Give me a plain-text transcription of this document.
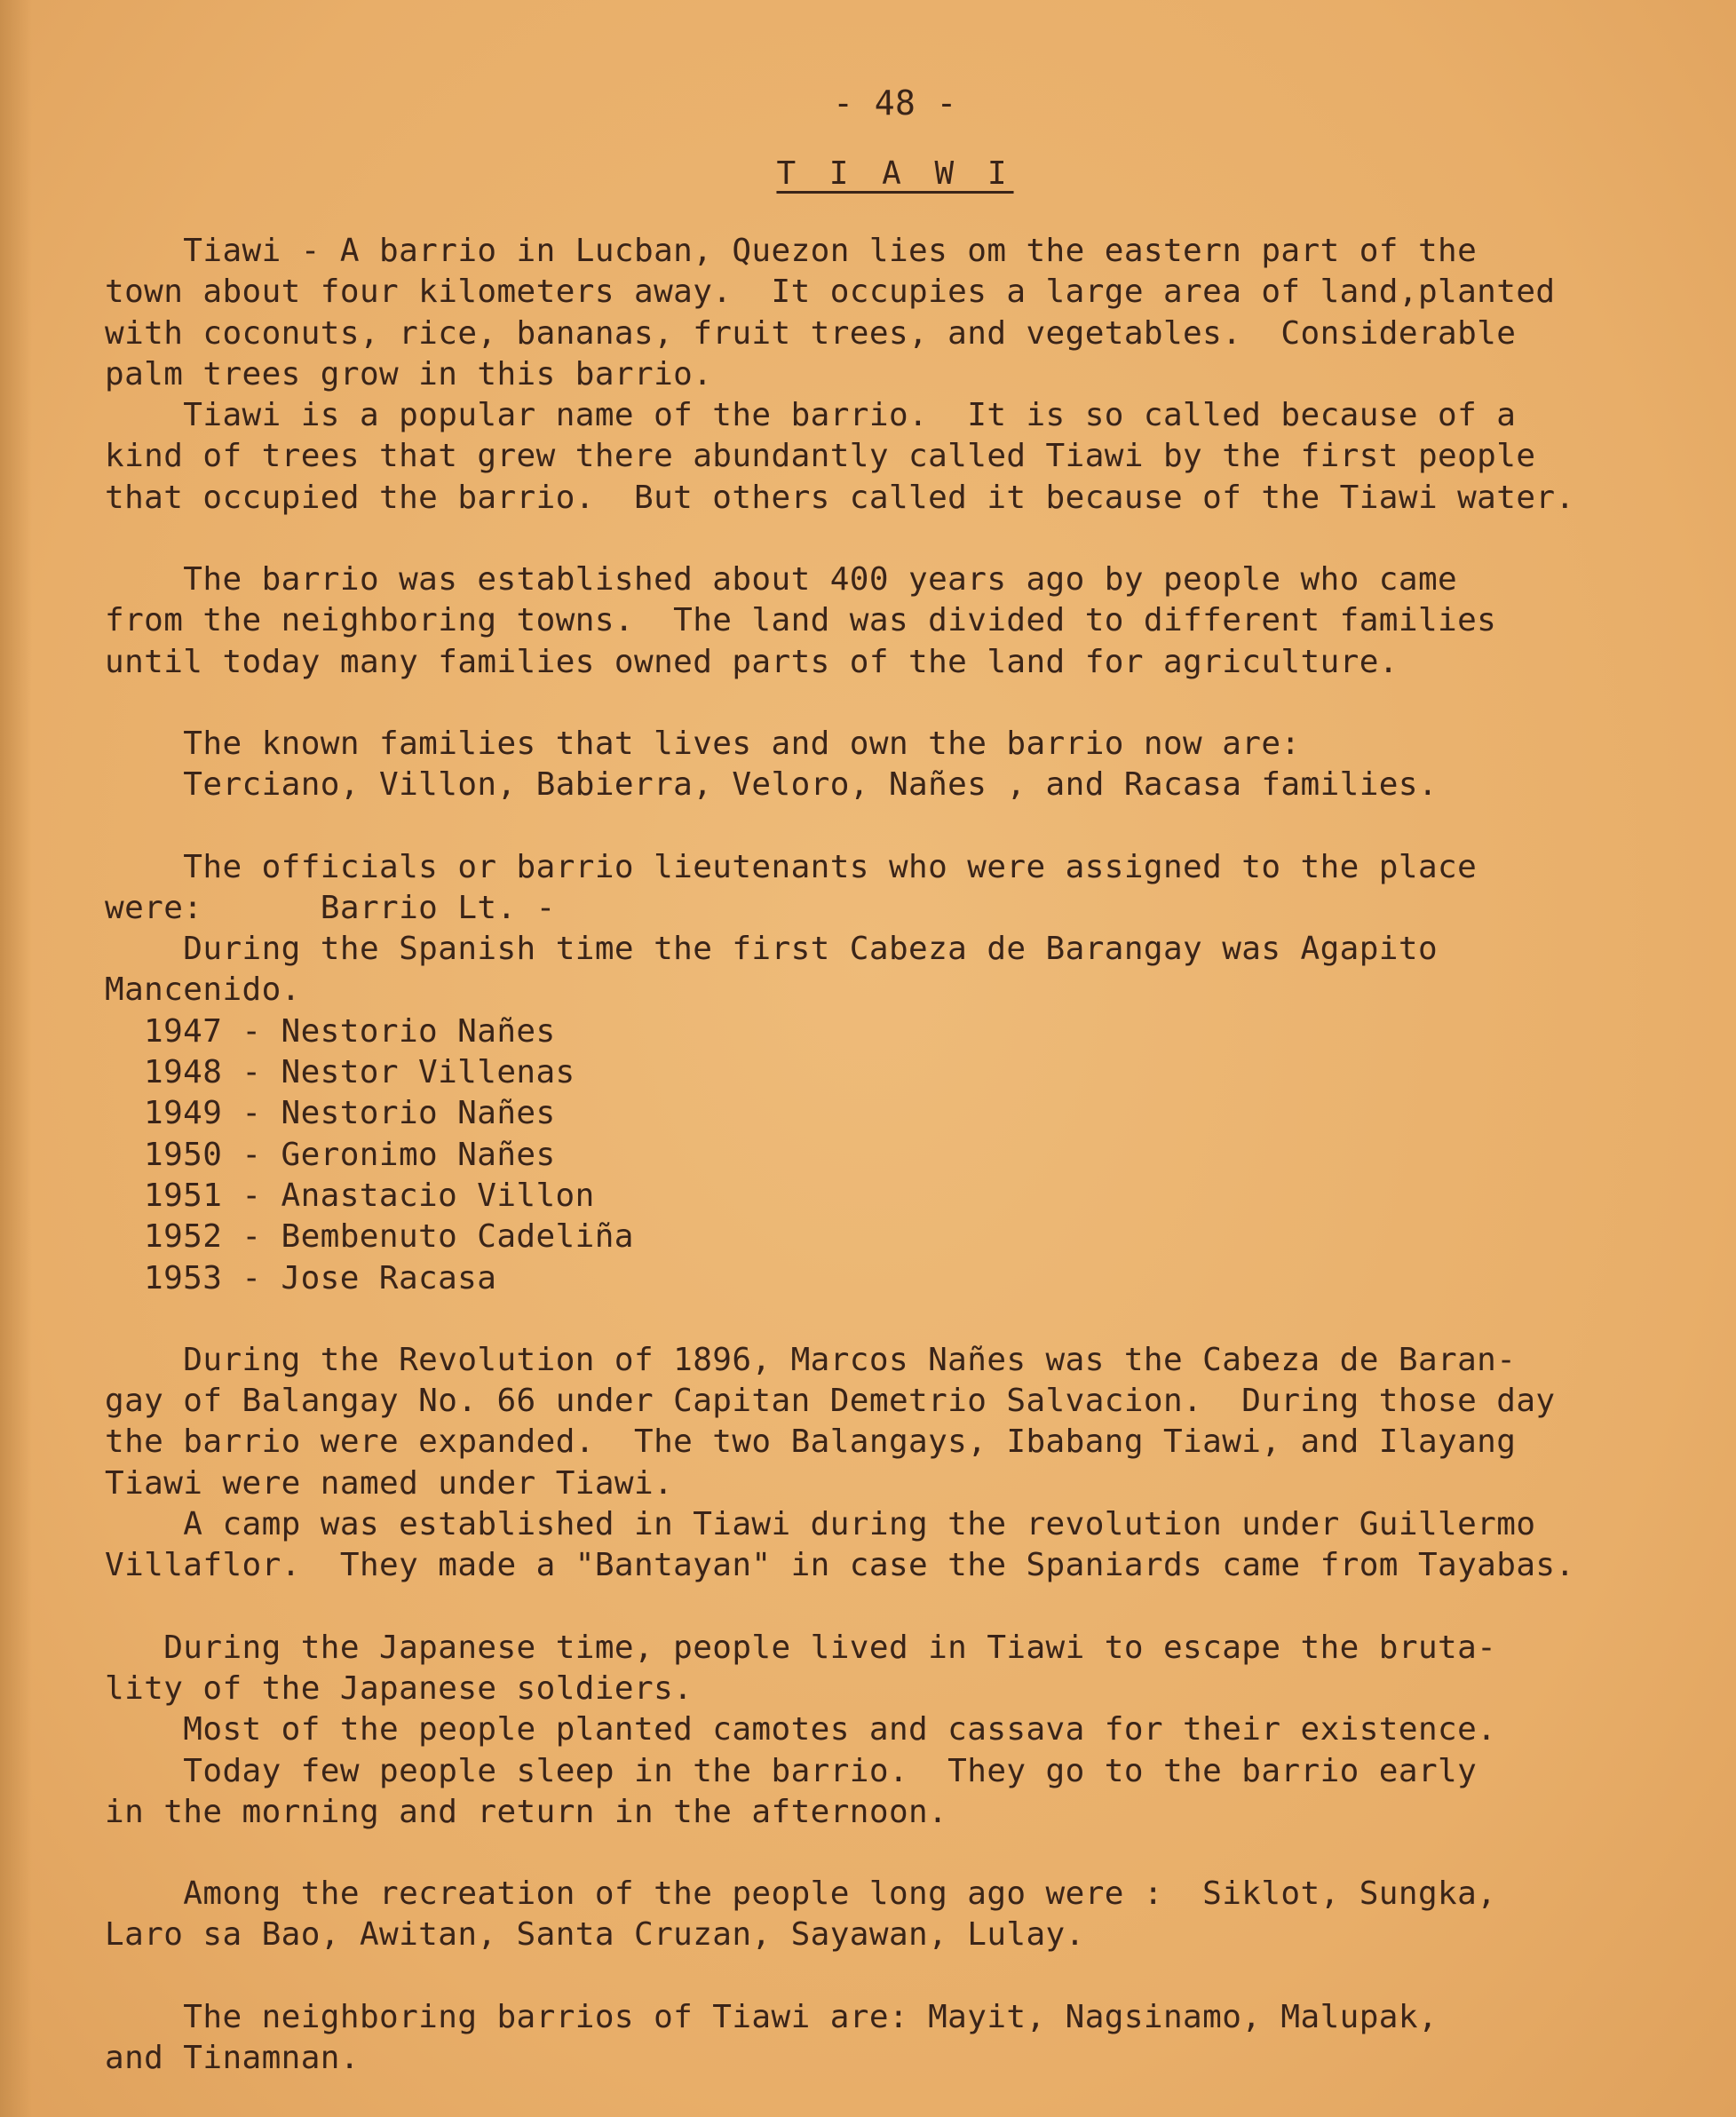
- 48 -
T I A W I
Tiawi - A barrio in Lucban, Quezon lies om the eastern part of the
town about four kilometers away.  It occupies a large area of land,planted
with coconuts, rice, bananas, fruit trees, and vegetables.  Considerable
palm trees grow in this barrio.
Tiawi is a popular name of the barrio.  It is so called because of a
kind of trees that grew there abundantly called Tiawi by the first people
that occupied the barrio.  But others called it because of the Tiawi water.
The barrio was established about 400 years ago by people who came
from the neighboring towns.  The land was divided to different families
until today many families owned parts of the land for agriculture.
The known families that lives and own the barrio now are:
Terciano, Villon, Babierra, Veloro, Nañes , and Racasa families.
The officials or barrio lieutenants who were assigned to the place
were:      Barrio Lt. -
During the Spanish time the first Cabeza de Barangay was Agapito
Mancenido.
1947 - Nestorio Nañes
1948 - Nestor Villenas
1949 - Nestorio Nañes
1950 - Geronimo Nañes
1951 - Anastacio Villon
1952 - Bembenuto Cadeliña
1953 - Jose Racasa
During the Revolution of 1896, Marcos Nañes was the Cabeza de Baran-
gay of Balangay No. 66 under Capitan Demetrio Salvacion.  During those day
the barrio were expanded.  The two Balangays, Ibabang Tiawi, and Ilayang
Tiawi were named under Tiawi.
A camp was established in Tiawi during the revolution under Guillermo
Villaflor.  They made a "Bantayan" in case the Spaniards came from Tayabas.
During the Japanese time, people lived in Tiawi to escape the bruta-
lity of the Japanese soldiers.
Most of the people planted camotes and cassava for their existence.
Today few people sleep in the barrio.  They go to the barrio early
in the morning and return in the afternoon.
Among the recreation of the people long ago were :  Siklot, Sungka,
Laro sa Bao, Awitan, Santa Cruzan, Sayawan, Lulay.
The neighboring barrios of Tiawi are: Mayit, Nagsinamo, Malupak,
and Tinamnan.
